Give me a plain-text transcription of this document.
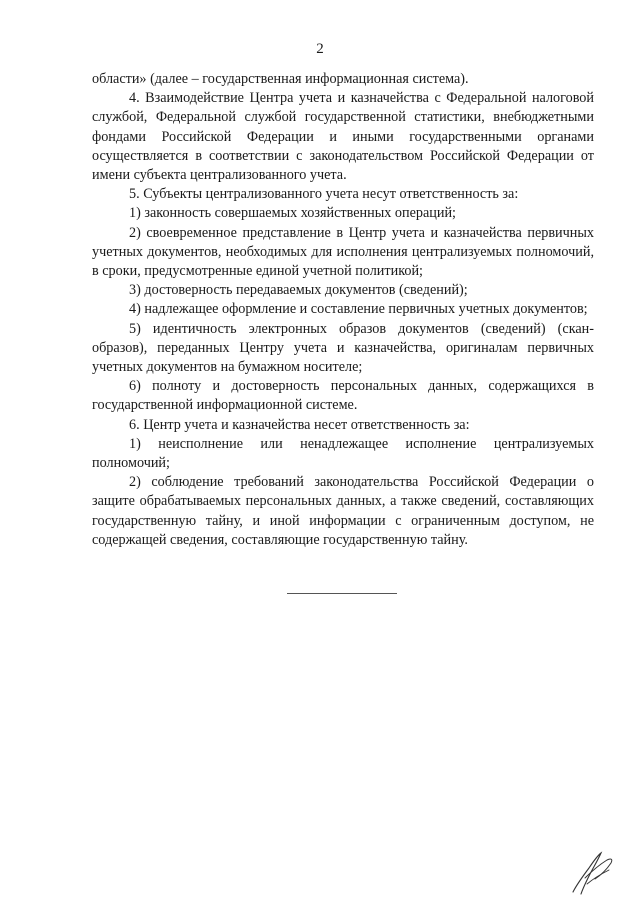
2

области» (далее – государственная информационная система).

4. Взаимодействие Центра учета и казначейства с Федеральной налоговой службой, Федеральной службой государственной статистики, внебюджетными фондами Российской Федерации и иными государственными органами осуществляется в соответствии с законодательством Российской Федерации от имени субъекта централизованного учета.

5. Субъекты централизованного учета несут ответственность за:

1) законность совершаемых хозяйственных операций;

2) своевременное представление в Центр учета и казначейства первичных учетных документов, необходимых для исполнения централизуемых полномочий, в сроки, предусмотренные единой учетной политикой;

3) достоверность передаваемых документов (сведений);

4) надлежащее оформление и составление первичных учетных документов;

5) идентичность электронных образов документов (сведений) (скан-образов), переданных Центру учета и казначейства, оригиналам первичных учетных документов на бумажном носителе;

6) полноту и достоверность персональных данных, содержащихся в государственной информационной системе.

6. Центр учета и казначейства несет ответственность за:

1) неисполнение или ненадлежащее исполнение централизуемых полномочий;

2) соблюдение требований законодательства Российской Федерации о защите обрабатываемых персональных данных, а также сведений, составляющих государственную тайну, и иной информации с ограниченным доступом, не содержащей сведения, составляющие государственную тайну.
